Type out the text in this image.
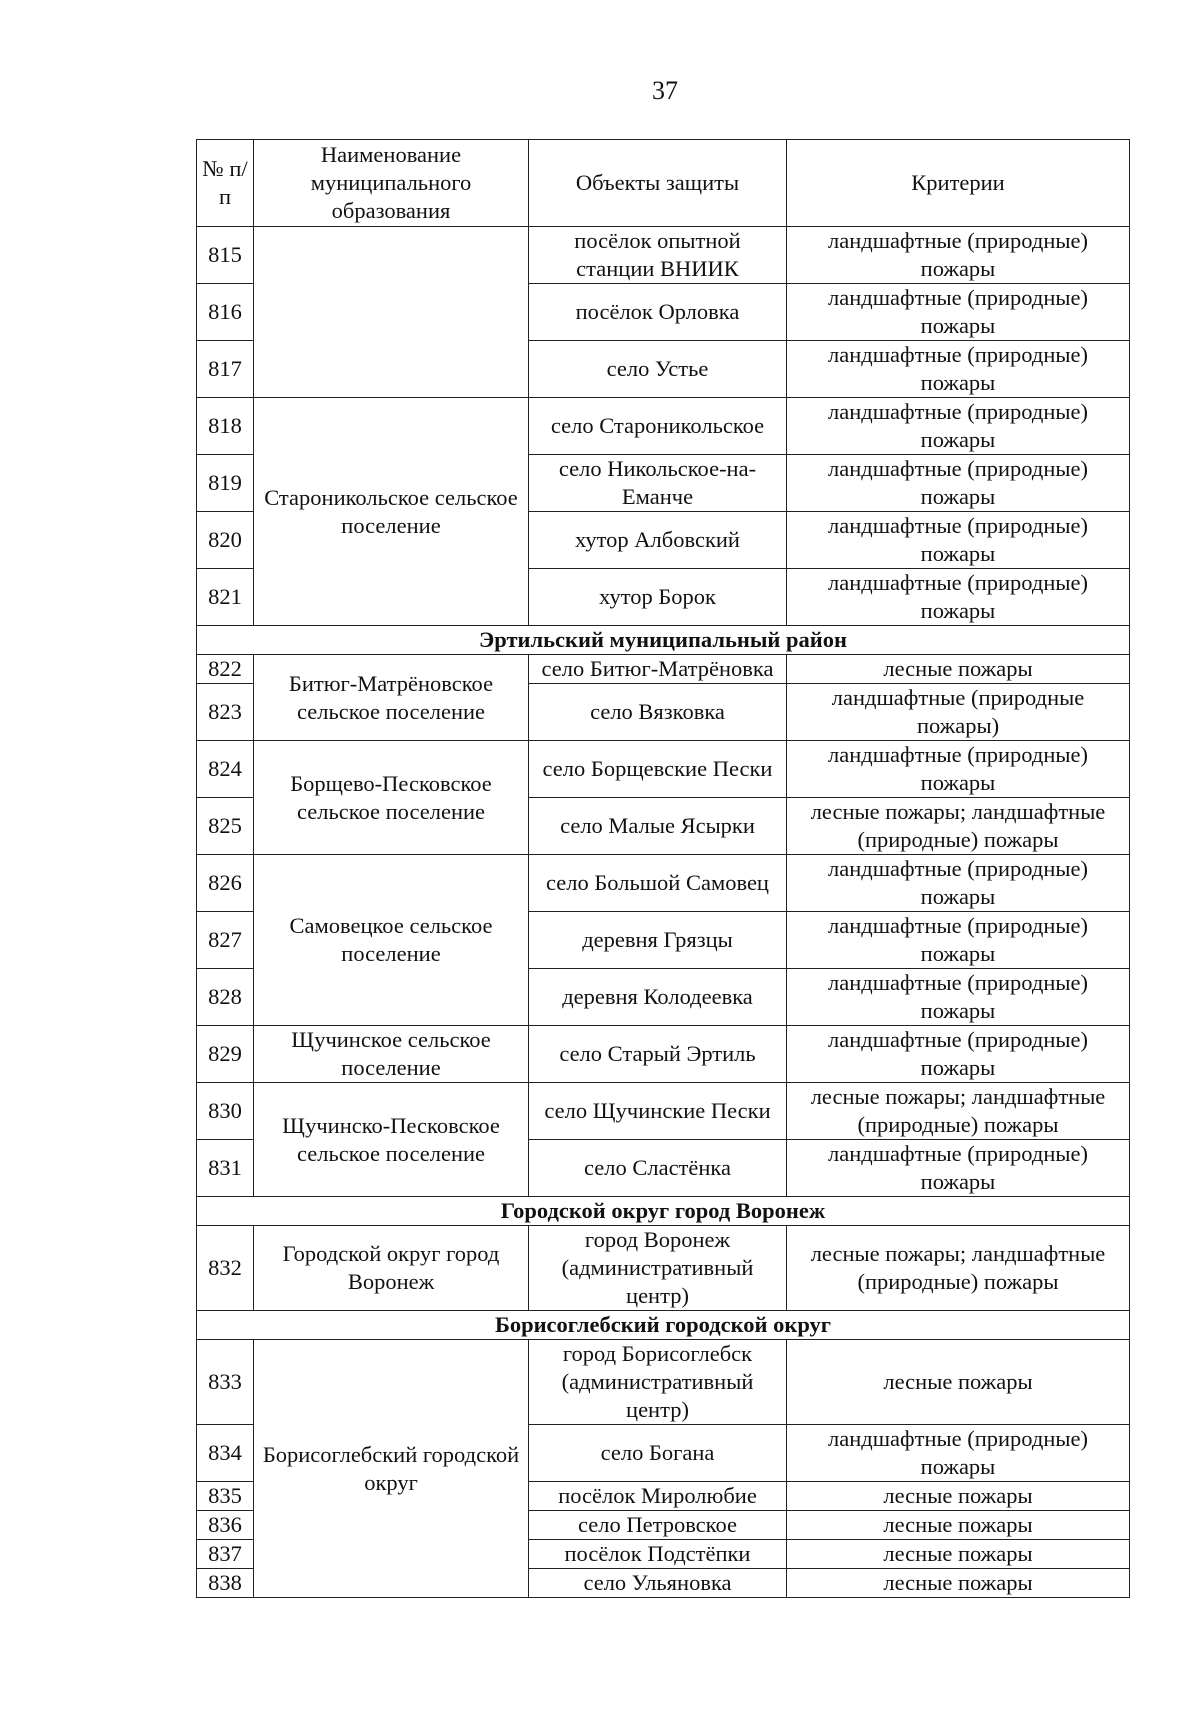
37
№ п/п	Наименование муниципального образования	Объекты защиты	Критерии
815		посёлок опытной станции ВНИИК	ландшафтные (природные) пожары
816		посёлок Орловка	ландшафтные (природные) пожары
817		село Устье	ландшафтные (природные) пожары
818	Староникольское сельское поселение	село Староникольское	ландшафтные (природные) пожары
819		село Никольское-на-Еманче	ландшафтные (природные) пожары
820		хутор Албовский	ландшафтные (природные) пожары
821		хутор Борок	ландшафтные (природные) пожары
Эртильский муниципальный район			
822	Битюг-Матрёновское сельское поселение	село Битюг-Матрёновка	лесные пожары
823		село Вязковка	ландшафтные (природные пожары)
824	Борщево-Песковское сельское поселение	село Борщевские Пески	ландшафтные (природные) пожары
825		село Малые Ясырки	лесные пожары; ландшафтные (природные) пожары
826	Самовецкое сельское поселение	село Большой Самовец	ландшафтные (природные) пожары
827		деревня Грязцы	ландшафтные (природные) пожары
828		деревня Колодеевка	ландшафтные (природные) пожары
829	Щучинское сельское поселение	село Старый Эртиль	ландшафтные (природные) пожары
830	Щучинско-Песковское сельское поселение	село Щучинские Пески	лесные пожары; ландшафтные (природные) пожары
831		село Сластёнка	ландшафтные (природные) пожары
Городской округ город Воронеж			
832	Городской округ город Воронеж	город Воронеж (административный центр)	лесные пожары; ландшафтные (природные) пожары
Борисоглебский городской округ			
833	Борисоглебский городской округ	город Борисоглебск (административный центр)	лесные пожары
834		село Богана	ландшафтные (природные) пожары
835		посёлок Миролюбие	лесные пожары
836		село Петровское	лесные пожары
837		посёлок Подстёпки	лесные пожары
838		село Ульяновка	лесные пожары
